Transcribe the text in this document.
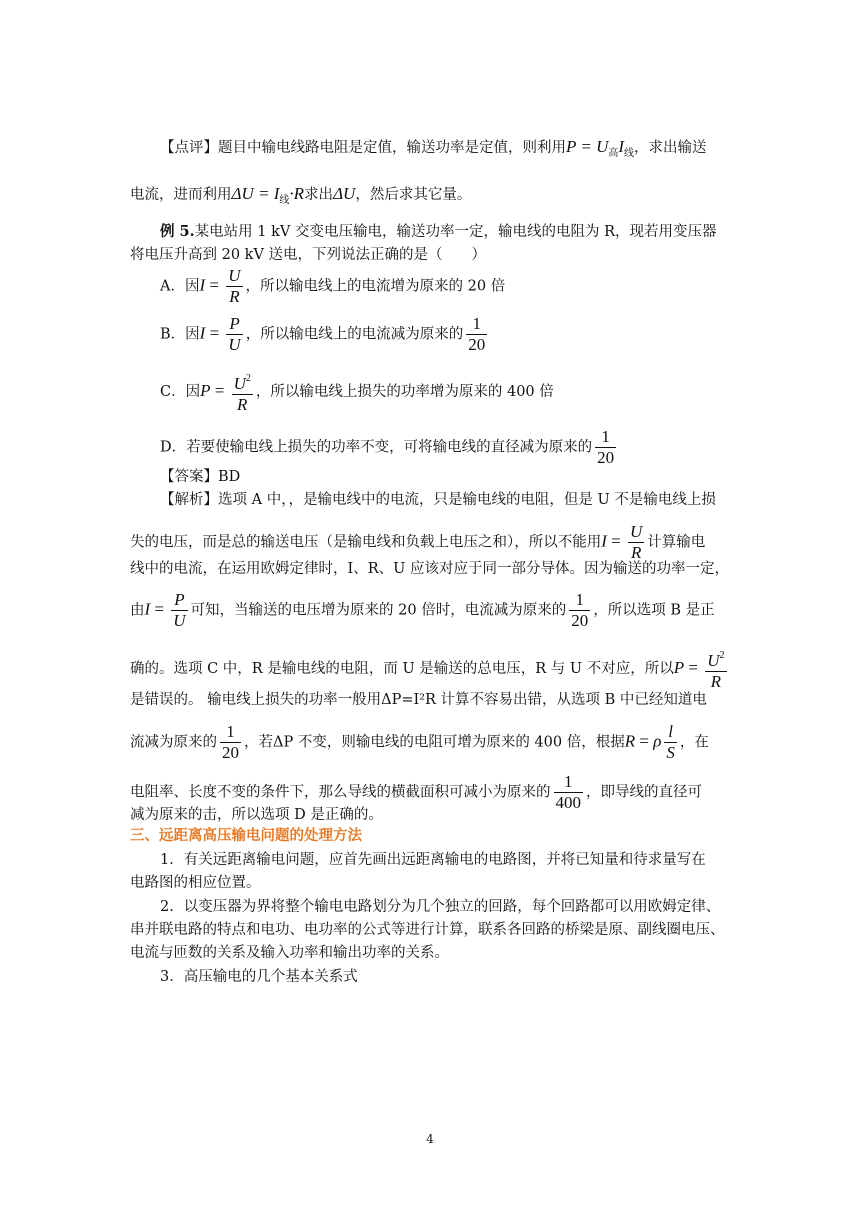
【点评】题目中输电线路电阻是定值，输送功率是定值，则利用$P = U_高I_线$，求出输送
电流，进而利用$\Delta U = I_线\cdot R$求出ΔU，然后求其它量。
例 5.某电站用 1 kV 交变电压输电，输送功率一定，输电线的电阻为 R，现若用变压器
将电压升高到 20 kV 送电，下列说法正确的是（　　）
A．因$I = \frac{U}{R}$ ，所以输电线上的电流增为原来的 20 倍
B．因$I = \frac{P}{U}$ ，所以输电线上的电流减为原来的 $\frac{1}{20}$
C．因$P = \frac{U^2}{R}$ ，所以输电线上损失的功率增为原来的 400 倍
D．若要使输电线上损失的功率不变，可将输电线的直径减为原来的 $\frac{1}{20}$
【答案】BD
【解析】选项 A 中，，是输电线中的电流，只是输电线的电阻，但是 U 不是输电线上损
失的电压，而是总的输送电压（是输电线和负载上电压之和），所以不能用$I = \frac{U}{R}$ 计算输电
线中的电流，在运用欧姆定律时，I、R、U 应该对应于同一部分导体。因为输送的功率一定，
由$I = \frac{P}{U}$ 可知，当输送的电压增为原来的 20 倍时，电流减为原来的 $\frac{1}{20}$ ，所以选项 B 是正
确的。选项 C 中，R 是输电线的电阻，而 U 是输送的总电压，R 与 U 不对应，所以$P = \frac{U^2}{R}$
是错误的。 输电线上损失的功率一般用ΔP=I²R 计算不容易出错，从选项 B 中已经知道电
流减为原来的 $\frac{1}{20}$ ，若ΔP 不变，则输电线的电阻可增为原来的 400 倍，根据R = ρ $\frac{l}{S}$ ，在
电阻率、长度不变的条件下，那么导线的横截面积可减小为原来的 $\frac{1}{400}$ ，即导线的直径可
减为原来的击，所以选项 D 是正确的。
三、远距离高压输电问题的处理方法
1．有关远距离输电问题，应首先画出远距离输电的电路图，并将已知量和待求量写在
电路图的相应位置。
2．以变压器为界将整个输电电路划分为几个独立的回路，每个回路都可以用欧姆定律、
串并联电路的特点和电功、电功率的公式等进行计算，联系各回路的桥梁是原、副线圈电压、
电流与匝数的关系及输入功率和输出功率的关系。
3．高压输电的几个基本关系式
4
